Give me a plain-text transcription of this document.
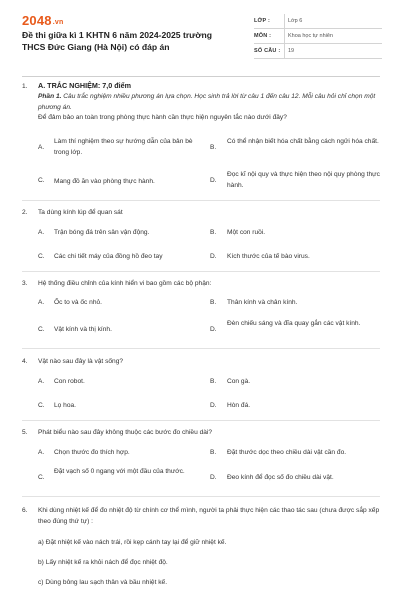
2048.vn
Đề thi giữa kì 1 KHTN 6 năm 2024-2025 trường THCS Đức Giang (Hà Nội) có đáp án
LỚP :	Lớp 6
MÔN :	Khoa học tự nhiên
SỐ CÂU :	19
1. A. TRẮC NGHIỆM: 7,0 điểm
Phần 1. Câu trắc nghiệm nhiều phương án lựa chọn. Học sinh trả lời từ câu 1 đến câu 12. Mỗi câu hỏi chỉ chọn một phương án.
Để đảm bảo an toàn trong phòng thực hành cần thực hiện nguyên tắc nào dưới đây?
A.
Làm thí nghiệm theo sự hướng dẫn của bản bè trong lớp.
B.
Có thể nhận biết hóa chất bằng cách ngửi hóa chất.
C. Mang đồ ăn vào phòng thực hành.	D.
Đọc kĩ nội quy và thực hiện theo nội quy phòng thực hành.
2. Ta dùng kính lúp để quan sát
A. Trận bóng đá trên sân vận động.	B. Một con ruồi.
C. Các chi tiết máy của đồng hồ đeo tay	D. Kích thước của tế bào virus.
3. Hệ thống điều chỉnh của kính hiển vi bao gồm các bộ phận:
A. Ốc to và ốc nhỏ.	B. Thân kính và chân kính.
C. Vật kính và thị kính.	D.
Đèn chiếu sáng và đĩa quay gắn các vật kính.
4. Vật nào sau đây là vật sống?
A. Con robot.	B. Con gà.
C. Lọ hoa.	D. Hòn đá.
5. Phát biểu nào sau đây không thuộc các bước đo chiều dài?
A. Chọn thước đo thích hợp.	B. Đặt thước dọc theo chiều dài vật cần đo.
C.
Đặt vạch số 0 ngang với một đầu của thước.
D. Đeo kính để đọc số đo chiều dài vật.
6. Khi dùng nhiệt kế để đo nhiệt độ từ chính cơ thể mình, người ta phải thực hiện các thao tác sau (chưa được sắp xếp theo đúng thứ tự) :
a) Đặt nhiệt kế vào nách trái, rồi kẹp cánh tay lại để giữ nhiệt kế.
b) Lấy nhiệt kế ra khỏi nách để đọc nhiệt độ.
c) Dùng bông lau sạch thân và bầu nhiệt kế.
